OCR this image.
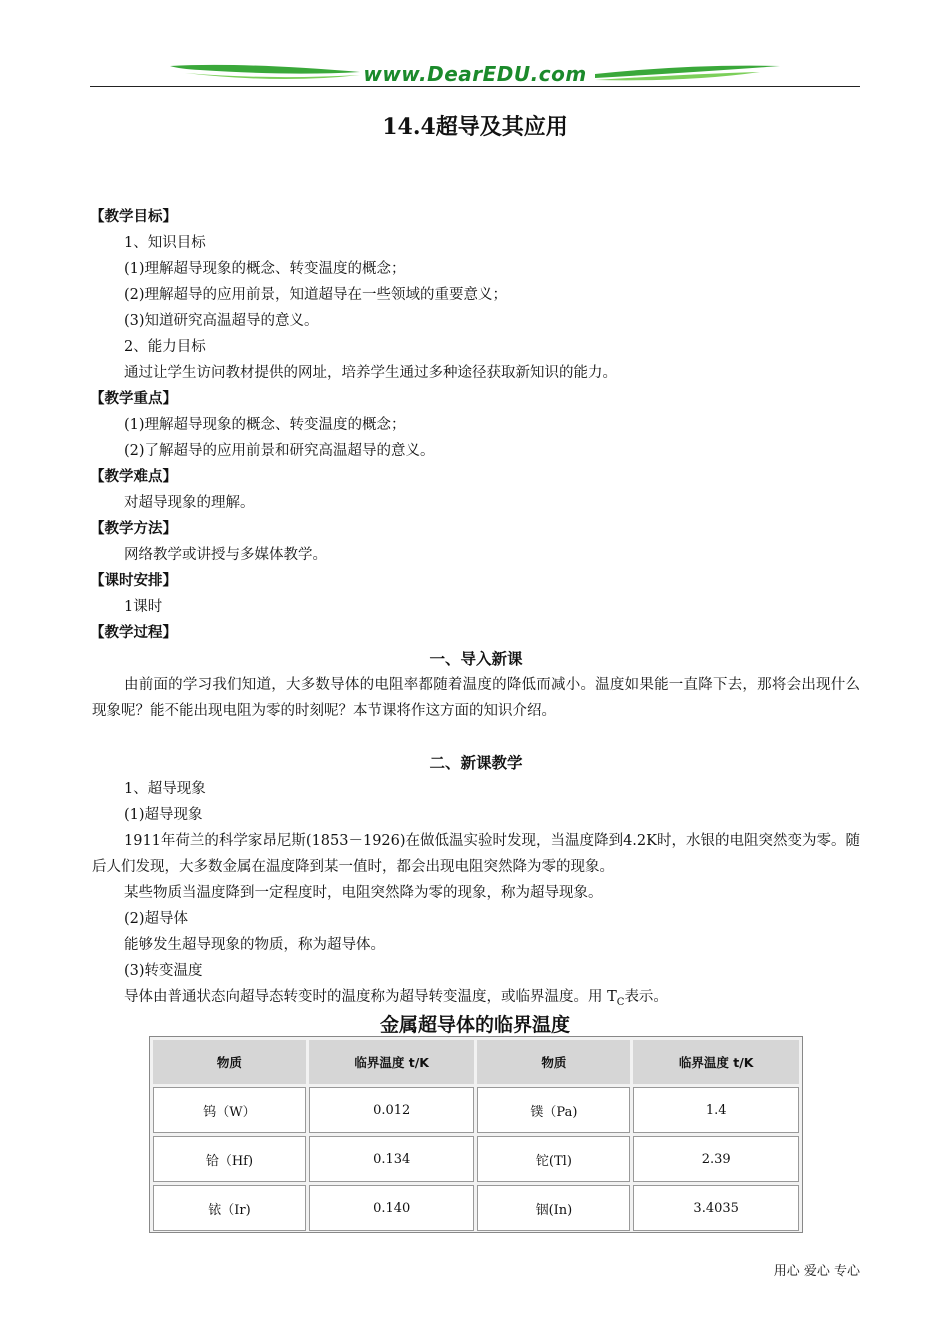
www.DearEDU.com
14.4超导及其应用
【教学目标】
1、知识目标
(1)理解超导现象的概念、转变温度的概念；
(2)理解超导的应用前景，知道超导在一些领域的重要意义；
(3)知道研究高温超导的意义。
2、能力目标
通过让学生访问教材提供的网址，培养学生通过多种途径获取新知识的能力。
【教学重点】
(1)理解超导现象的概念、转变温度的概念；
(2)了解超导的应用前景和研究高温超导的意义。
【教学难点】
对超导现象的理解。
【教学方法】
网络教学或讲授与多媒体教学。
【课时安排】
1课时
【教学过程】
一、导入新课
由前面的学习我们知道，大多数导体的电阻率都随着温度的降低而减小。温度如果能一直降下去，那将会出现什么现象呢？能不能出现电阻为零的时刻呢？本节课将作这方面的知识介绍。
二、新课教学
1、超导现象
(1)超导现象
1911年荷兰的科学家昂尼斯(1853－1926)在做低温实验时发现，当温度降到4.2K时，水银的电阻突然变为零。随后人们发现，大多数金属在温度降到某一值时，都会出现电阻突然降为零的现象。
某些物质当温度降到一定程度时，电阻突然降为零的现象，称为超导现象。
(2)超导体
能够发生超导现象的物质，称为超导体。
(3)转变温度
导体由普通状态向超导态转变时的温度称为超导转变温度，或临界温度。用 $T_C$表示。
金属超导体的临界温度
物质	临界温度 t/K	物质	临界温度 t/K
钨（W）	0.012	镤（Pa)	1.4
铪（Hf)	0.134	铊(Tl)	2.39
铱（Ir)	0.140	铟(In)	3.4035
用心 爱心 专心
